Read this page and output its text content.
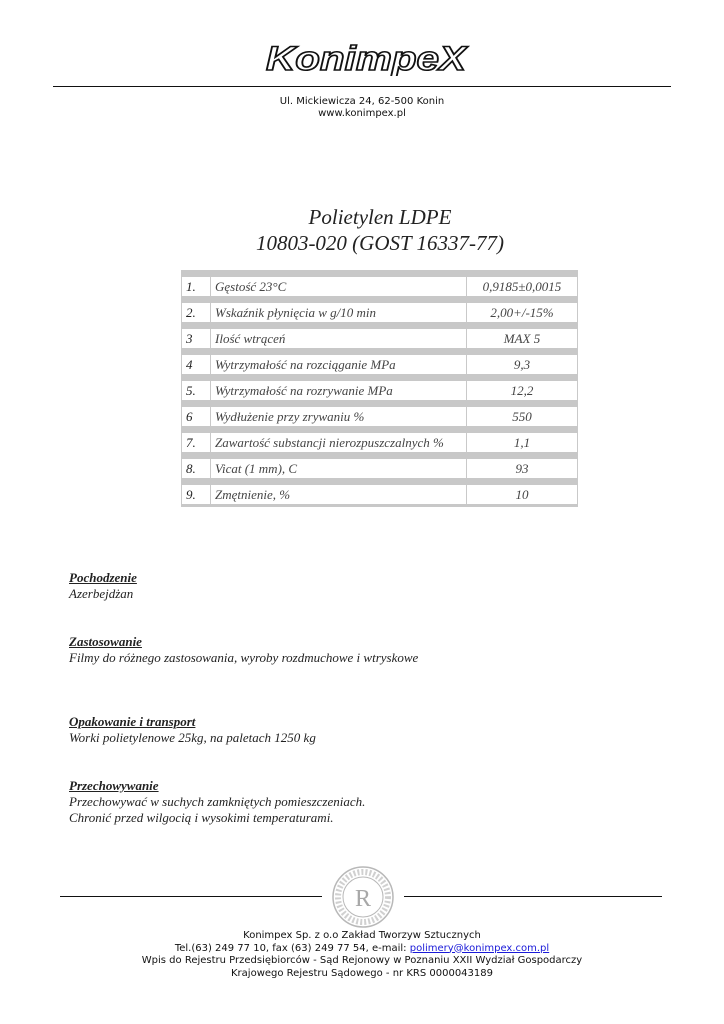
KonimpeX
Ul. Mickiewicza 24, 62-500 Konin
www.konimpex.pl
Polietylen LDPE
10803-020 (GOST 16337-77)
1.	Gęstość 23°C	0,9185±0,0015
2.	Wskaźnik płynięcia w g/10 min	2,00+/-15%
3	Ilość wtrąceń	MAX 5
4	Wytrzymałość na rozciąganie MPa	9,3
5.	Wytrzymałość na rozrywanie MPa	12,2
6	Wydłużenie przy zrywaniu %	550
7.	Zawartość substancji nierozpuszczalnych %	1,1
8.	Vicat (1 mm), C	93
9.	Zmętnienie, %	10
Pochodzenie

Azerbejdżan

Zastosowanie

Filmy do różnego zastosowania, wyroby rozdmuchowe i wtryskowe

Opakowanie i transport

Worki polietylenowe 25kg, na paletach 1250 kg

Przechowywanie

Przechowywać w suchych zamkniętych pomieszczeniach.

Chronić przed wilgocią i wysokimi temperaturami.

R
Konimpex Sp. z o.o Zakład Tworzyw Sztucznych
Tel.(63) 249 77 10, fax (63) 249 77 54, e-mail: polimery@konimpex.com.pl
Wpis do Rejestru Przedsiębiorców - Sąd Rejonowy w Poznaniu XXII Wydział Gospodarczy
Krajowego Rejestru Sądowego - nr KRS 0000043189
